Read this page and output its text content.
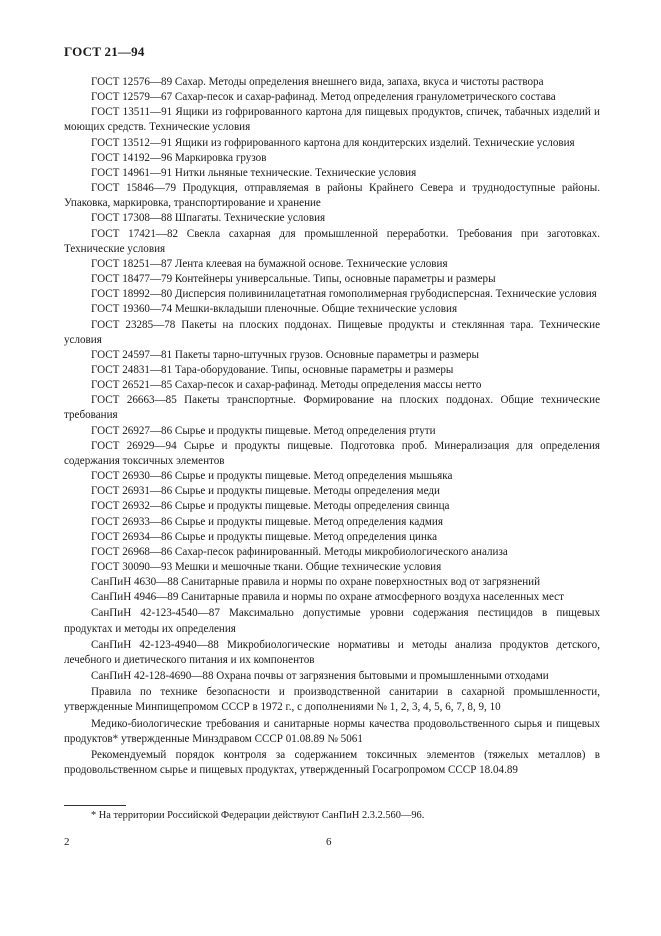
ГОСТ 21—94

ГОСТ 12576—89 Сахар. Методы определения внешнего вида, запаха, вкуса и чистоты раствора

ГОСТ 12579—67 Сахар-песок и сахар-рафинад. Метод определения гранулометрического состава

ГОСТ 13511—91 Ящики из гофрированного картона для пищевых продуктов, спичек, табачных изделий и моющих средств. Технические условия

ГОСТ 13512—91 Ящики из гофрированного картона для кондитерских изделий. Технические условия

ГОСТ 14192—96 Маркировка грузов

ГОСТ 14961—91 Нитки льняные технические. Технические условия

ГОСТ 15846—79 Продукция, отправляемая в районы Крайнего Севера и труднодоступные районы. Упаковка, маркировка, транспортирование и хранение

ГОСТ 17308—88 Шпагаты. Технические условия

ГОСТ 17421—82 Свекла сахарная для промышленной переработки. Требования при заготовках. Технические условия

ГОСТ 18251—87 Лента клеевая на бумажной основе. Технические условия

ГОСТ 18477—79 Контейнеры универсальные. Типы, основные параметры и размеры

ГОСТ 18992—80 Дисперсия поливинилацетатная гомополимерная грубодисперсная. Технические условия

ГОСТ 19360—74 Мешки-вкладыши пленочные. Общие технические условия

ГОСТ 23285—78 Пакеты на плоских поддонах. Пищевые продукты и стеклянная тара. Технические условия

ГОСТ 24597—81 Пакеты тарно-штучных грузов. Основные параметры и размеры

ГОСТ 24831—81 Тара-оборудование. Типы, основные параметры и размеры

ГОСТ 26521—85 Сахар-песок и сахар-рафинад. Методы определения массы нетто

ГОСТ 26663—85 Пакеты транспортные. Формирование на плоских поддонах. Общие технические требования

ГОСТ 26927—86 Сырье и продукты пищевые. Метод определения ртути

ГОСТ 26929—94 Сырье и продукты пищевые. Подготовка проб. Минерализация для определения содержания токсичных элементов

ГОСТ 26930—86 Сырье и продукты пищевые. Метод определения мышьяка

ГОСТ 26931—86 Сырье и продукты пищевые. Методы определения меди

ГОСТ 26932—86 Сырье и продукты пищевые. Методы определения свинца

ГОСТ 26933—86 Сырье и продукты пищевые. Метод определения кадмия

ГОСТ 26934—86 Сырье и продукты пищевые. Метод определения цинка

ГОСТ 26968—86 Сахар-песок рафинированный. Методы микробиологического анализа

ГОСТ 30090—93 Мешки и мешочные ткани. Общие технические условия

СанПиН 4630—88 Санитарные правила и нормы по охране поверхностных вод от загрязнений

СанПиН 4946—89 Санитарные правила и нормы по охране атмосферного воздуха населенных мест

СанПиН 42-123-4540—87 Максимально допустимые уровни содержания пестицидов в пищевых продуктах и методы их определения

СанПиН 42-123-4940—88 Микробиологические нормативы и методы анализа продуктов детского, лечебного и диетического питания и их компонентов

СанПиН 42-128-4690—88 Охрана почвы от загрязнения бытовыми и промышленными отходами

Правила по технике безопасности и производственной санитарии в сахарной промышленности, утвержденные Минпищепромом СССР в 1972 г., с дополнениями № 1, 2, 3, 4, 5, 6, 7, 8, 9, 10

Медико-биологические требования и санитарные нормы качества продовольственного сырья и пищевых продуктов* утвержденные Минздравом СССР 01.08.89 № 5061

Рекомендуемый порядок контроля за содержанием токсичных элементов (тяжелых металлов) в продовольственном сырье и пищевых продуктах, утвержденный Госагропромом СССР 18.04.89

* На территории Российской Федерации действуют СанПиН 2.3.2.560—96.
2	6
